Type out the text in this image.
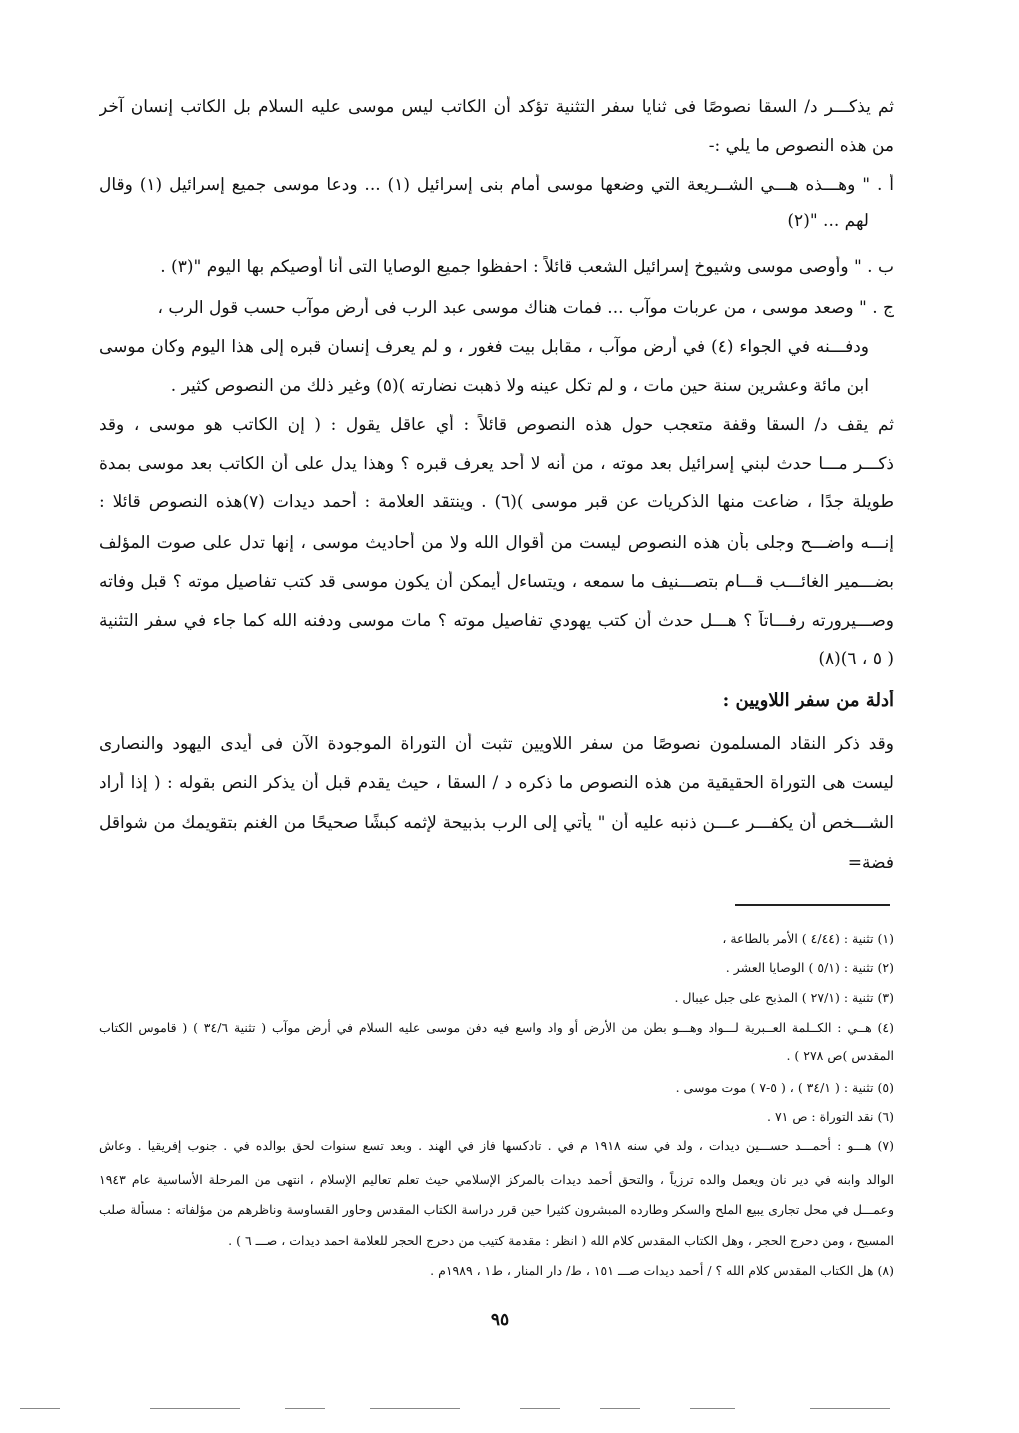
ثم يذكـــر د/ السقا نصوصًا فى ثنايا سفر التثنية تؤكد أن الكاتب ليس موسى عليه السلام بل الكاتب إنسان آخر
من هذه النصوص ما يلي :-
أ . " وهـــذه هـــي الشــريعة التي وضعها موسى أمام بنى إسرائيل (١) ... ودعا موسى جميع إسرائيل (١) وقال
لهم ... "(٢)
ب . " وأوصى موسى وشيوخ إسرائيل الشعب قائلاً : احفظوا جميع الوصايا التى أنا أوصيكم بها اليوم "(٣) .
ج . " وصعد موسى ، من عربات موآب ... فمات هناك موسى عبد الرب فى أرض موآب حسب قول الرب ،
ودفـــنه في الجواء (٤) في أرض موآب ، مقابل بيت فغور ، و لم يعرف إنسان قبره إلى هذا اليوم وكان موسى
ابن مائة وعشرين سنة حين مات ، و لم تكل عينه ولا ذهبت نضارته )(٥) وغير ذلك من النصوص كثير .
ثم يقف د/ السقا وقفة متعجب حول هذه النصوص قائلاً : أي عاقل يقول : ( إن الكاتب هو موسى ، وقد
ذكـــر مـــا حدث لبني إسرائيل بعد موته ، من أنه لا أحد يعرف قبره ؟ وهذا يدل على أن الكاتب بعد موسى بمدة
طويلة جدًا ، ضاعت منها الذكريات عن قبر موسى )(٦) . وينتقد العلامة : أحمد ديدات (٧)هذه النصوص قائلا :
إنـــه واضـــح وجلى بأن هذه النصوص ليست من أقوال الله ولا من أحاديث موسى ، إنها تدل على صوت المؤلف
بضـــمير الغائـــب قـــام بتصـــنيف ما سمعه ، ويتساءل أيمكن أن يكون موسى قد كتب تفاصيل موته ؟ قبل وفاته
وصـــيرورته رفـــاتاً ؟ هـــل حدث أن كتب يهودي تفاصيل موته ؟ مات موسى ودفنه الله كما جاء في سفر التثنية
( ٥ ، ٦)(٨)
أدلة من سفر اللاويين :
وقد ذكر النقاد المسلمون نصوصًا من سفر اللاويين تثبت أن التوراة الموجودة الآن فى أيدى اليهود والنصارى
ليست هى التوراة الحقيقية من هذه النصوص ما ذكره د / السقا ، حيث يقدم قبل أن يذكر النص بقوله : ( إذا أراد
الشـــخص أن يكفـــر عـــن ذنبه عليه أن " يأتي إلى الرب بذبيحة لإثمه كبشًا صحيحًا من الغنم بتقويمك من شواقل
فضة=
(١) تثنية : (٤/٤٤ ) الأمر بالطاعة ،
(٢) تثنية : (٥/١ ) الوصايا العشر .
(٣) تثنية : (٢٧/١ ) المذبح على جبل عيبال .
(٤) هــي : الكــلمة العــبرية لـــواد وهـــو بطن من الأرض أو واد واسع فيه دفن موسى عليه السلام في أرض موآب ( تثنية ٣٤/٦ ) ( قاموس الكتاب
المقدس )ص ٢٧٨ ) .
(٥) تثنية : ( ٣٤/١ ) ، ( ٥-٧ ) موت موسى .
(٦) نقد التوراة : ص ٧١ .
(٧) هـــو : أحمـــد حســـين ديدات ، ولد في سنه ١٩١٨ م في . تادكسها فاز في الهند . وبعد تسع سنوات لحق بوالده في . جنوب إفريقيا . وعاش
الوالد وابنه في دير نان ويعمل والده ترزياً ، والتحق أحمد ديدات بالمركز الإسلامي حيث تعلم تعاليم الإسلام ، انتهى من المرحلة الأساسية عام ١٩٤٣
وعمـــل في محل تجارى يبيع الملح والسكر وطارده المبشرون كثيرا حين قرر دراسة الكتاب المقدس وحاور القساوسة وناظرهم من مؤلفاته : مسألة صلب
المسيح ، ومن دحرج الحجر ، وهل الكتاب المقدس كلام الله ( انظر : مقدمة كتيب من دحرج الحجر للعلامة احمد ديدات ، صـــ ٦ ) .
(٨) هل الكتاب المقدس كلام الله ؟ / أحمد ديدات صـــ ١٥١ ، ط/ دار المنار ، ط١ ، ١٩٨٩م .
٩٥
